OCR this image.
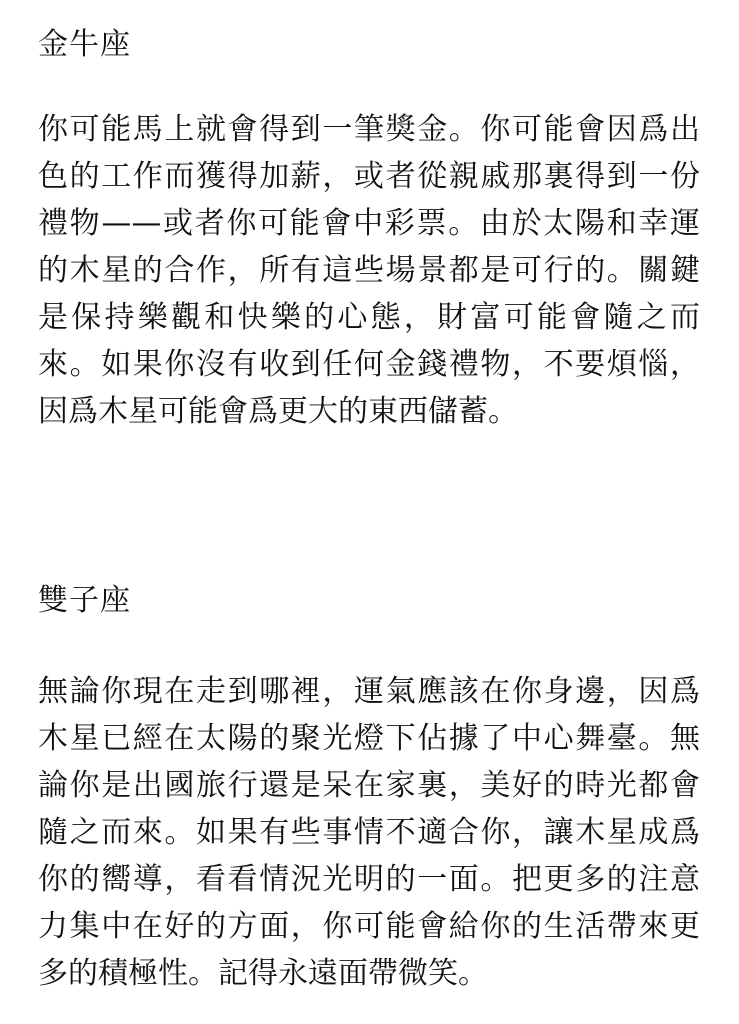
金牛座
你可能馬上就會得到一筆獎金。你可能會因爲出
色的工作而獲得加薪，或者從親戚那裏得到一份
禮物——或者你可能會中彩票。由於太陽和幸運
的木星的合作，所有這些場景都是可行的。關鍵
是保持樂觀和快樂的心態，財富可能會隨之而
來。如果你沒有收到任何金錢禮物，不要煩惱，
因爲木星可能會爲更大的東西儲蓄。
雙子座
無論你現在走到哪裡，運氣應該在你身邊，因爲
木星已經在太陽的聚光燈下佔據了中心舞臺。無
論你是出國旅行還是呆在家裏，美好的時光都會
隨之而來。如果有些事情不適合你，讓木星成爲
你的嚮導，看看情況光明的一面。把更多的注意
力集中在好的方面，你可能會給你的生活帶來更
多的積極性。記得永遠面帶微笑。
